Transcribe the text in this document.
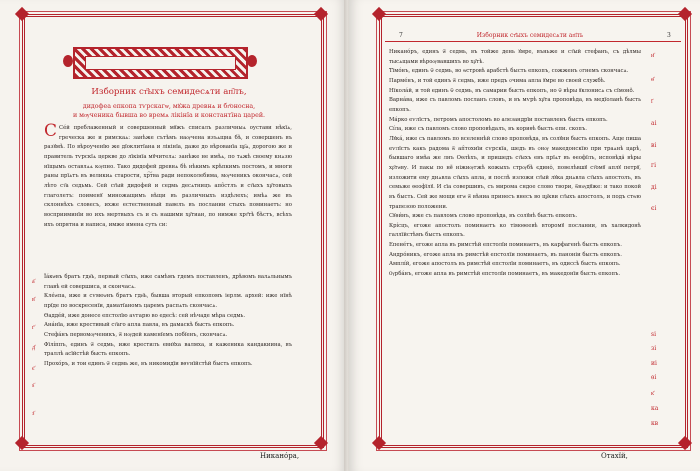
Изборник ст҃ыхъ семидесѧти ап҃лъ,
дидофеа епкопа тѵрскагѡ, мꙋжа древнѧ и бг҃оносна,
и мѹченика бывша во времѧ лікінїа и константїна царей.
С Се́й преблаженный и совершенный мꙋжъ списалъ различныѧ оустави нѣкїѧ, греческа же и римскаѧ: занѣже сътѣмъ наѹчена изъѧщна бѣ, и совершенъ въ разꙋмѣ. По вѣроученїю же дїоклитїана и лікінїа, даже до вѣрованїа цр҃ѧ, дорогою же и правитель тѵрскїѧ церкве до лїкінїа мꙋчителѧ: занѣже не имѣѧ, по тѧжѣ своему кнѧзю нїщымъ оставлѧѧ кѹпно. Тако дидофей древнѧ бѣ нѣкимъ крѣпкимъ постомъ, и многи раны прїѧтъ въ великиѧ старости, хр͠тва ради непоколебима, мѹченикъ окончасѧ, сей лѣто ст҃а седьмь. Сей ст҃ый дидофей и седмь десѧтницъ апо̑стлъ и ст҃ыхъ хр҃товыхъ глаголетъ: поименꙋ миножащимъ вѣщи въ различныхъ издѣлехъ; имѣѧ же въ склоннѣхъ словесъ, ихже естественный павелъ въ послании стыхъ поминаетъ: но восприиминїи во ихъ мертвыхъ съ и съ нашими хр҃тиан, по нимже хрт҃тѣ бѣстъ, всѣхъ ихъ опрятна и написа, имже имена суть си:

Їа́кѡвъ братъ гдн҃ь, первый ст҃ыхъ, иже самѣмъ гдемъ поставленъ, дрѣвомъ валѧльнымъ главѣ ей совершиса, и скончасѧ.

Кле́ѡпа, иже и сѵмеѡнъ братъ гдн҃ь, бывша вторый епкопомъ іерлм. архей: иже нїнѣ прїде по воскресенїи, даматїаномъ царемъ распѧть скончасѧ.

Ѳадде́й, иже донесе епстолїю аѵгарю во едесѣ: сей нѣчаде мѣра седмь.

Ана́нїа, иже крестивый ст҃аго апла павла, въ дамаскѣ бысть епкопъ.

Стефа́нъ первомѹченикъ, ѿ нѹдей каменїемъ побїенъ, скончасѧ.

Фїлі́ппъ, единъ ѿ седмь, иже крестилъ евнꙋха валмха, и каженика кандакиина, въ траллѣ асїйстѣй бысть епкопъ.

Прохо́ръ, и тои единъ ѿ седмь же, въ никомидїи вѳѵнїйстѣй бысть епкопъ.

а҃
в҃
г҃
д҃
є҃
ѕ҃
з҃
Никанóра,
7	Изборник ст҃ыхъ семидесѧти ап҃лъ	3

Никанóръ, единъ ѿ седмь, въ тойже день ꙋмре, въньже и ст҃ый стефанъ, съ дѣлмы тысѧщами вѣроѹвавшихъ во хр҃тѣ.

Тїмо́нъ, единъ ѿ седмь, во ѡстровѣ арабстѣ бысть епкопъ, сожженъ ѻгнемъ скончасѧ.

Парме́нъ, и той единъ ѿ седмь, иже предъ ѻчима апла ꙋмре во своей службѣ.

Нїколáй, и той единъ ѿ седмь, въ самарии бысть епкопъ, но ѿ вѣры ꙋклонисѧ съ сїмоноⷨ.

Варна́ва, иже съ павломъ посланъ словъ, и въ мѵрѣ хр҃та проповѣда, въ медїоланѣ бысть епкопъ.

Ма́рко еѵлїстъ, петромъ апостоломъ во алезандрїи поставленъ бысть епкопъ.

Сі́ла, иже съ павломъ слово проповѣдалъ, въ кориѳѣ бысть епи. скопъ.

Лꙋка́, иже съ павломъ по вселеннѣй слово проповѣда, въ солꙋни бысть епкопъ. Аще пиша еѵлїстъ какъ радома ѿ ап̑тохиїи сѵрскїа, шедъ въ ѻнѹ македонскїю при траѧнѣ царѣ, бывшаго имѣа же лнъ Оѳлѣхъ, и пришедъ ст҃ыхъ евъ прїѧт въ ѳеофїлъ, исповѣдаⷯ вѣры хр҃тѡву. И пакы по неⷨ ніжиѹгжѣ кожыхъ стрѹбѣ єдиноⷢ, повелѣвшꙋ ст҃омꙋ аплꙋ петрꙋ, изложити ему днѧвла ст҃ыхъ апла, и послѣ изложи ст҃ый лꙋка днѧвла ст҃ыхъ апостолъ, въ семьже ѳеофїлꙋ. И сїа совершивъ, съ мирома сндое слово твори, ѿнѹдꙋже: и тако покой въ бысть. Сей же мощи егѡ ѿ вѣниа принесъ внесъ во цр҃кви ст҃ыхъ апостолъ, и подъ стѡю трапезою положени.

Сꙋѳи́нъ, иже съ павломъ слово проповѣда, въ солꙋнѣ бысть епкопъ.

Крі́сцъ, егоже апостолъ поминаетъ ко тімоѳеевѣ второмꙋ послании, въ халкидонѣ галлїйстѣмъ бысть епкопъ.

Епене́тъ, егоже апла въ римстѣй епстолїи поминаетъ, въ карфагенѣ бысть епкопъ.

Андро́никъ, егоже апла въ римстѣй епстолїи поминаетъ, въ паноніи бысть епкопъ.

Амплі́й, егоже апостолъ въ римстѣй епстолїи поминаетъ, въ одиссѣ бысть епкопъ.

Ѹрба́нъ, егоже апла въ римстѣй епстолїи поминаетъ, въ македонїи бысть епкопъ.

и҃
ѳ҃
ї҃
аі
ві
гі
ді
єі
ѕі
зі
иі
ѳі
к҃
ка
кв
Отахїй,
